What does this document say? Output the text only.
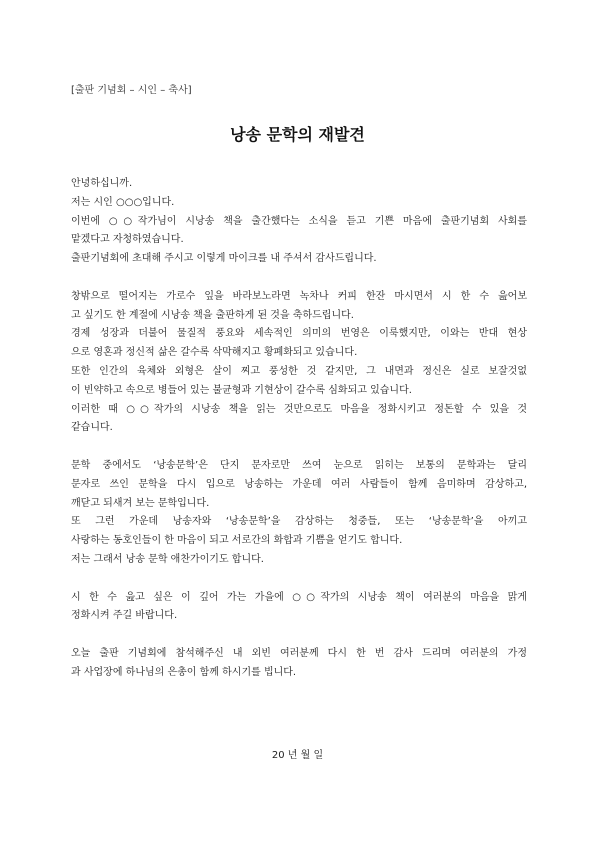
[출판 기념회 – 시인 – 축사]
낭송 문학의 재발견
안녕하십니까.
저는 시인 ○○○입니다.
이번에 ○○작가님이 시낭송 책을 출간했다는 소식을 듣고 기쁜 마음에 출판기념회 사회를
맡겠다고 자청하였습니다.
출판기념회에 초대해 주시고 이렇게 마이크를 내 주셔서 감사드립니다.
창밖으로 떨어지는 가로수 잎을 바라보노라면 녹차나 커피 한잔 마시면서 시 한 수 읊어보
고 싶기도 한 계절에 시낭송 책을 출판하게 된 것을 축하드립니다.
경제 성장과 더불어 물질적 풍요와 세속적인 의미의 번영은 이룩했지만, 이와는 반대 현상
으로 영혼과 정신적 삶은 갈수록 삭막해지고 황폐화되고 있습니다.
또한 인간의 육체와 외형은 살이 찌고 풍성한 것 같지만, 그 내면과 정신은 실로 보잘것없
이 빈약하고 속으로 병들어 있는 불균형과 기현상이 갈수록 심화되고 있습니다.
이러한 때 ○○작가의 시낭송 책을 읽는 것만으로도 마음을 정화시키고 정돈할 수 있을 것
같습니다.
문학 중에서도 ‘낭송문학’은 단지 문자로만 쓰여 눈으로 읽히는 보통의 문학과는 달리
문자로 쓰인 문학을 다시 입으로 낭송하는 가운데 여러 사람들이 함께 음미하며 감상하고,
깨닫고 되새겨 보는 문학입니다.
또 그런 가운데 낭송자와 ‘낭송문학’을 감상하는 청중들, 또는 ‘낭송문학’을 아끼고
사랑하는 동호인들이 한 마음이 되고 서로간의 화합과 기쁨을 얻기도 합니다.
저는 그래서 낭송 문학 애찬가이기도 합니다.
시 한 수 읊고 싶은 이 깊어 가는 가을에 ○○작가의 시낭송 책이 여러분의 마음을 맑게
정화시켜 주길 바랍니다.
오늘 출판 기념회에 참석해주신 내 외빈 여러분께 다시 한 번 감사 드리며 여러분의 가정
과 사업장에 하나님의 은총이 함께 하시기를 빕니다.
20 년 월 일
